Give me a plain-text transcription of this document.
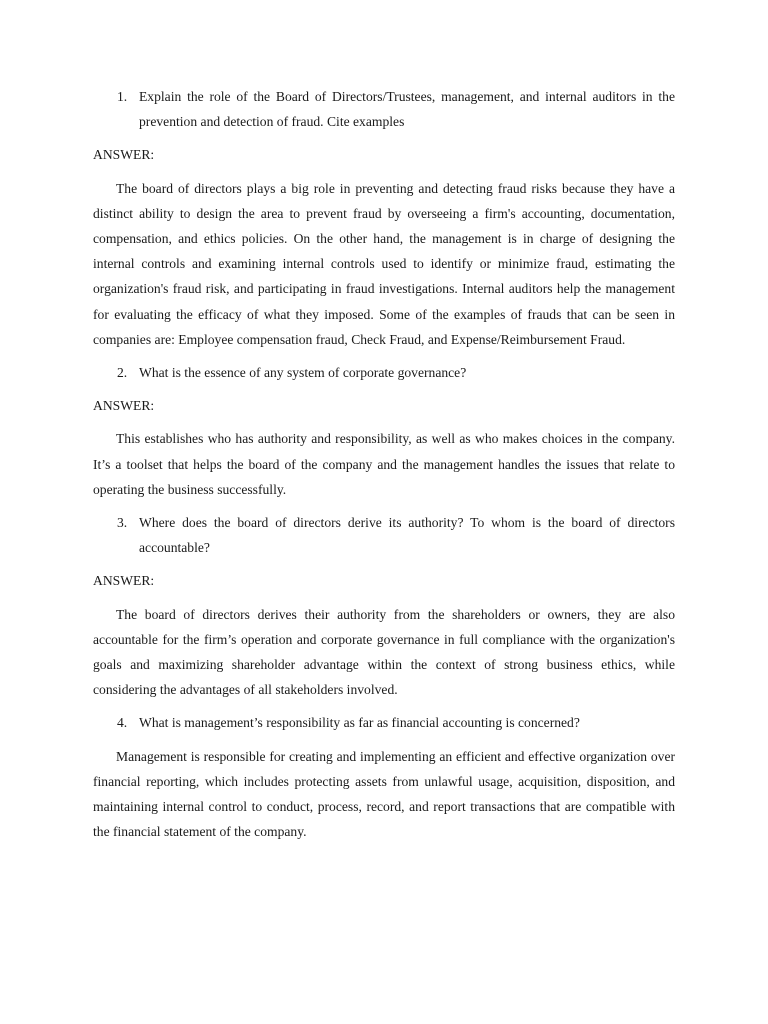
1. Explain the role of the Board of Directors/Trustees, management, and internal auditors in the prevention and detection of fraud. Cite examples
ANSWER:
The board of directors plays a big role in preventing and detecting fraud risks because they have a distinct ability to design the area to prevent fraud by overseeing a firm's accounting, documentation, compensation, and ethics policies. On the other hand, the management is in charge of designing the internal controls and examining internal controls used to identify or minimize fraud, estimating the organization's fraud risk, and participating in fraud investigations. Internal auditors help the management for evaluating the efficacy of what they imposed. Some of the examples of frauds that can be seen in companies are: Employee compensation fraud, Check Fraud, and Expense/Reimbursement Fraud.
2. What is the essence of any system of corporate governance?
ANSWER:
This establishes who has authority and responsibility, as well as who makes choices in the company. It’s a toolset that helps the board of the company and the management handles the issues that relate to operating the business successfully.
3. Where does the board of directors derive its authority? To whom is the board of directors accountable?
ANSWER:
The board of directors derives their authority from the shareholders or owners, they are also accountable for the firm’s operation and corporate governance in full compliance with the organization's goals and maximizing shareholder advantage within the context of strong business ethics, while considering the advantages of all stakeholders involved.
4. What is management’s responsibility as far as financial accounting is concerned?
Management is responsible for creating and implementing an efficient and effective organization over financial reporting, which includes protecting assets from unlawful usage, acquisition, disposition, and maintaining internal control to conduct, process, record, and report transactions that are compatible with the financial statement of the company.
